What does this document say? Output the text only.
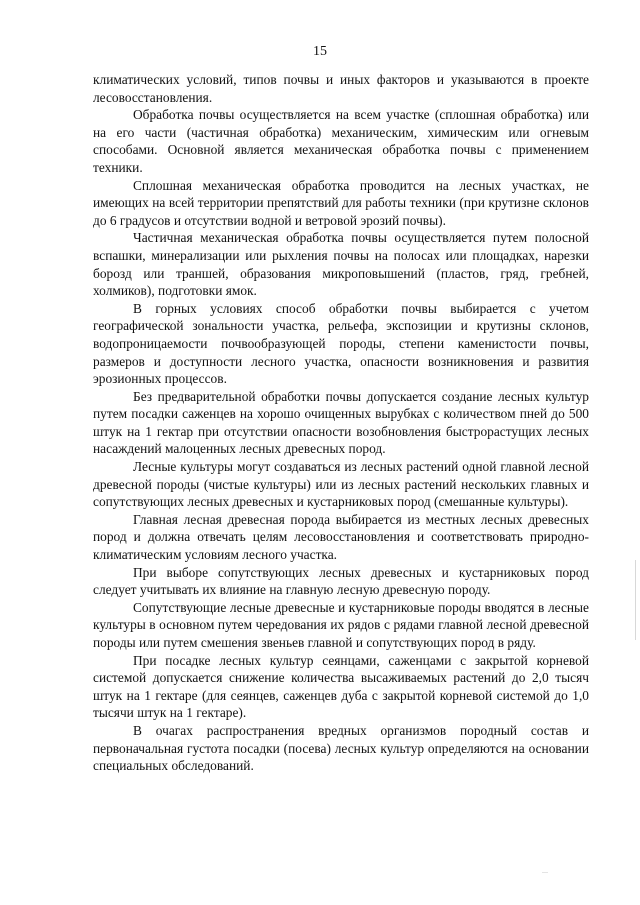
15

климатических условий, типов почвы и иных факторов и указываются в проекте лесовосстановления.

Обработка почвы осуществляется на всем участке (сплошная обработка) или на его части (частичная обработка) механическим, химическим или огневым способами. Основной является механическая обработка почвы с применением техники.

Сплошная механическая обработка проводится на лесных участках, не имеющих на всей территории препятствий для работы техники (при крутизне склонов до 6 градусов и отсутствии водной и ветровой эрозий почвы).

Частичная механическая обработка почвы осуществляется путем полосной вспашки, минерализации или рыхления почвы на полосах или площадках, нарезки борозд или траншей, образования микроповышений (пластов, гряд, гребней, холмиков), подготовки ямок.

В горных условиях способ обработки почвы выбирается с учетом географической зональности участка, рельефа, экспозиции и крутизны склонов, водопроницаемости почвообразующей породы, степени каменистости почвы, размеров и доступности лесного участка, опасности возникновения и развития эрозионных процессов.

Без предварительной обработки почвы допускается создание лесных культур путем посадки саженцев на хорошо очищенных вырубках с количеством пней до 500 штук на 1 гектар при отсутствии опасности возобновления быстрорастущих лесных насаждений малоценных лесных древесных пород.

Лесные культуры могут создаваться из лесных растений одной главной лесной древесной породы (чистые культуры) или из лесных растений нескольких главных и сопутствующих лесных древесных и кустарниковых пород (смешанные культуры).

Главная лесная древесная порода выбирается из местных лесных древесных пород и должна отвечать целям лесовосстановления и соответствовать природно-климатическим условиям лесного участка.

При выборе сопутствующих лесных древесных и кустарниковых пород следует учитывать их влияние на главную лесную древесную породу.

Сопутствующие лесные древесные и кустарниковые породы вводятся в лесные культуры в основном путем чередования их рядов с рядами главной лесной древесной породы или путем смешения звеньев главной и сопутствующих пород в ряду.

При посадке лесных культур сеянцами, саженцами с закрытой корневой системой допускается снижение количества высаживаемых растений до 2,0 тысяч штук на 1 гектаре (для сеянцев, саженцев дуба с закрытой корневой системой до 1,0 тысячи штук на 1 гектаре).

В очагах распространения вредных организмов породный состав и первоначальная густота посадки (посева) лесных культур определяются на основании специальных обследований.
